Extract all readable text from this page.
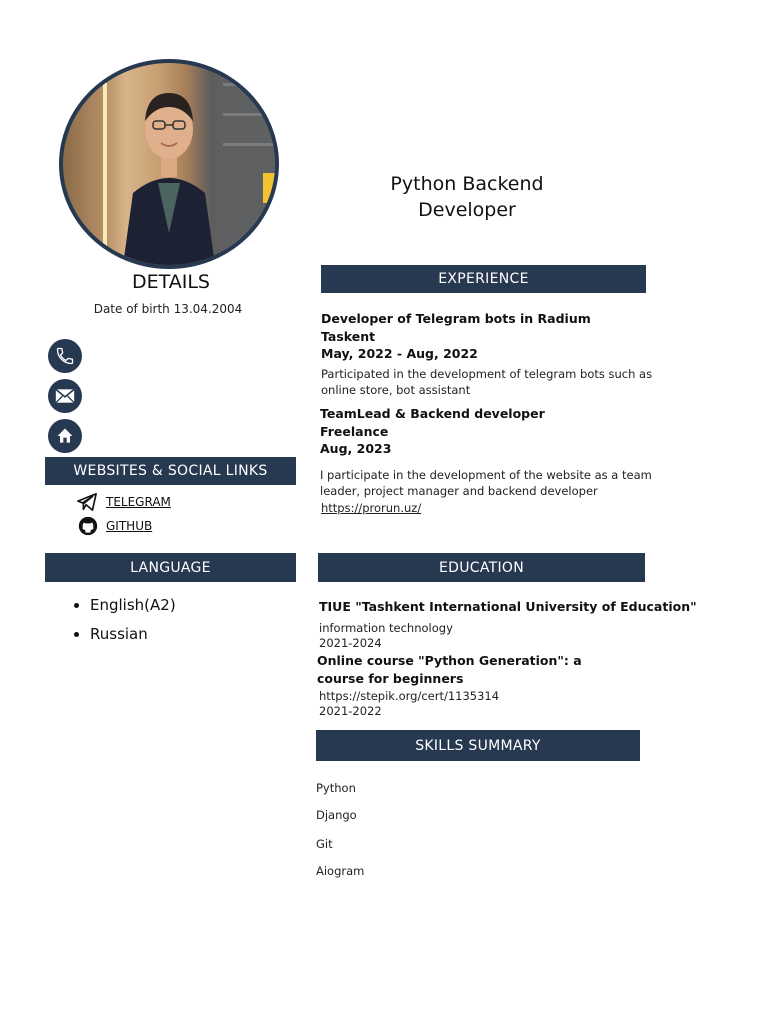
Python Backend
Developer
DETAILS
Date of birth 13.04.2004
WEBSITES & SOCIAL LINKS
TELEGRAM
GITHUB
LANGUAGE
• English(A2)
• Russian
EXPERIENCE
Developer of Telegram bots in Radium
Taskent
May, 2022 - Aug, 2022
Participated in the development of telegram bots such as
online store, bot assistant
TeamLead & Backend developer
Freelance
Aug, 2023
I participate in the development of the website as a team
leader, project manager and backend developer
https://prorun.uz/
EDUCATION
TIUE "Tashkent International University of Education"
information technology
2021-2024
Online course "Python Generation": a
course for beginners
https://stepik.org/cert/1135314
2021-2022
SKILLS SUMMARY
Python
Django
Git
Aiogram
